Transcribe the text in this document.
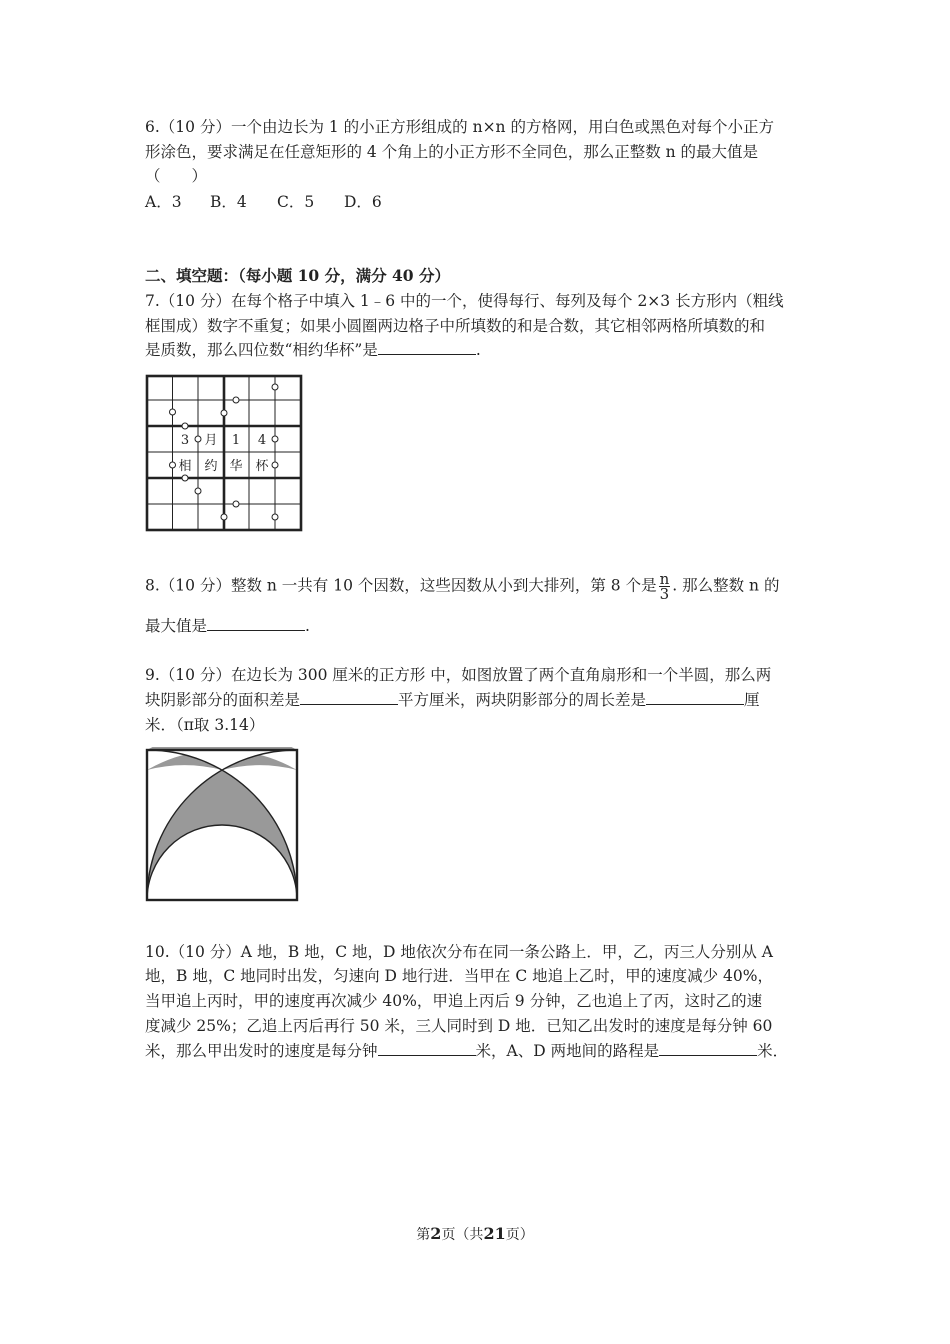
6.（10 分）一个由边长为 1 的小正方形组成的 n×n 的方格网，用白色或黑色对每个小正方
形涂色，要求满足在任意矩形的 4 个角上的小正方形不全同色，那么正整数 n 的最大值是
（　　）
A．3 B．4 C．5 D．6
二、填空题：（每小题 10 分，满分 40 分）
7.（10 分）在每个格子中填入 1﹣6 中的一个，使得每行、每列及每个 2×3 长方形内（粗线
框围成）数字不重复；如果小圆圈两边格子中所填数的和是合数，其它相邻两格所填数的和
是质数，那么四位数“相约华杯”是	.
3 月 1 4
相 约 华 杯
8.（10 分）整数 n 一共有 10 个因数，这些因数从小到大排列，第 8 个是 $\frac{n}{3}$ . 那么整数 n 的
最大值是	.
9.（10 分）在边长为 300 厘米的正方形 中，如图放置了两个直角扇形和一个半圆，那么两
块阴影部分的面积差是	平方厘米，两块阴影部分的周长差是	厘
米．（π取 3.14）
10.（10 分）A 地，B 地，C 地，D 地依次分布在同一条公路上．甲，乙，丙三人分别从 A
地，B 地，C 地同时出发，匀速向 D 地行进．当甲在 C 地追上乙时，甲的速度减少 40%，
当甲追上丙时，甲的速度再次减少 40%，甲追上丙后 9 分钟，乙也追上了丙，这时乙的速
度减少 25%；乙追上丙后再行 50 米，三人同时到 D 地．已知乙出发时的速度是每分钟 60
米，那么甲出发时的速度是每分钟	米，A、D 两地间的路程是	米．
第2页（共21页）
